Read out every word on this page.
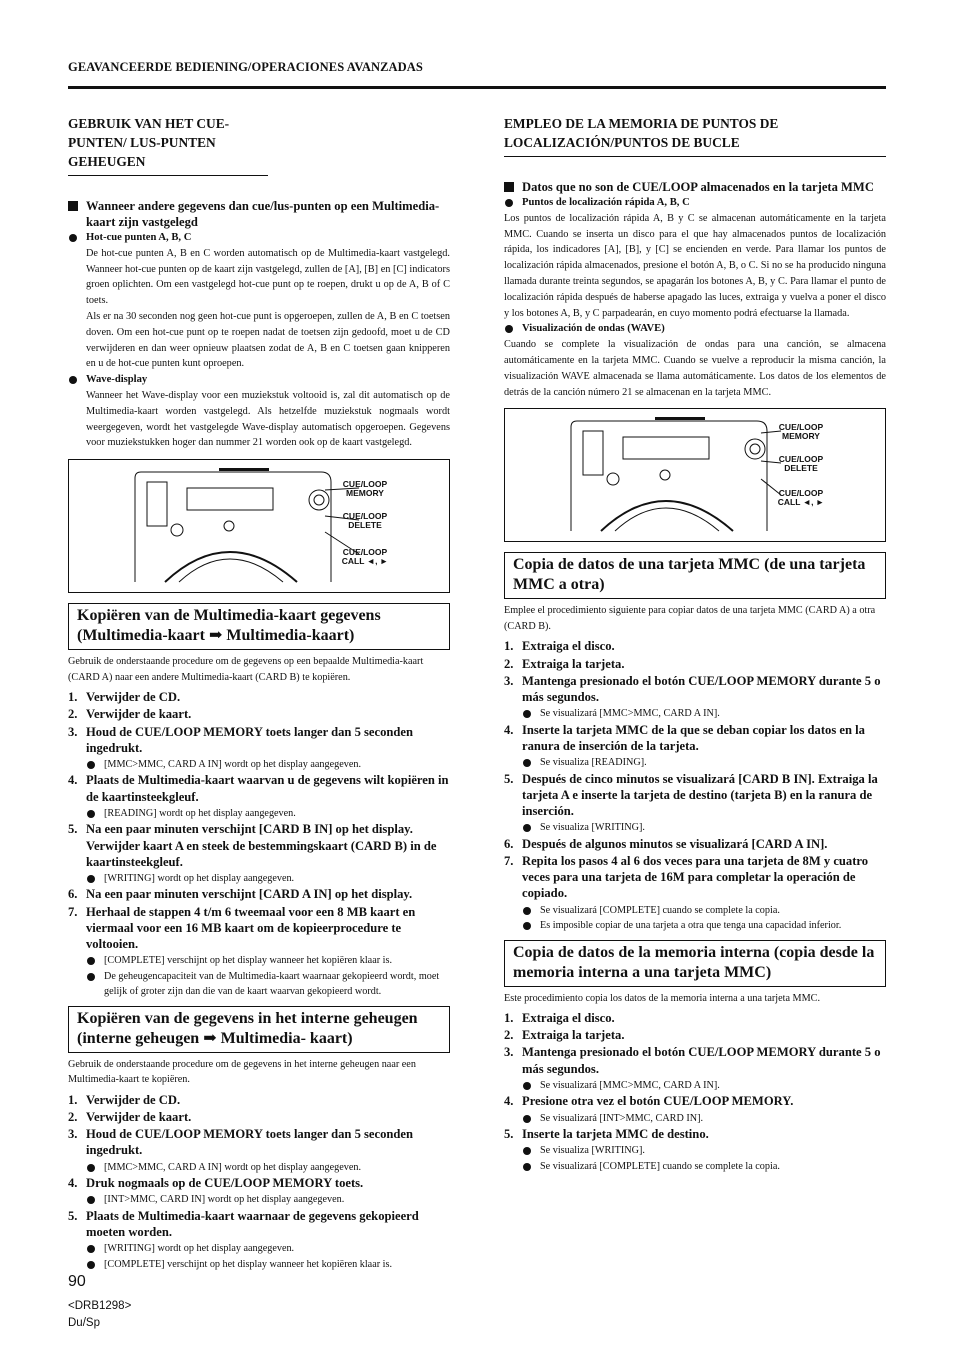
GEAVANCEERDE BEDIENING/OPERACIONES AVANZADAS
GEBRUIK VAN HET CUE-PUNTEN/ LUS-PUNTEN GEHEUGEN
Wanneer andere gegevens dan cue/lus-punten op een Multimedia-kaart zijn vastgelegd
Hot-cue punten A, B, C
De hot-cue punten A, B en C worden automatisch op de Multimedia-kaart vastgelegd. Wanneer hot-cue punten op de kaart zijn vastgelegd, zullen de [A], [B] en [C] indicators groen oplichten. Om een vastgelegd hot-cue punt op te roepen, drukt u op de A, B of C toets.
Als er na 30 seconden nog geen hot-cue punt is opgeroepen, zullen de A, B en C toetsen doven. Om een hot-cue punt op te roepen nadat de toetsen zijn gedoofd, moet u de CD verwijderen en dan weer opnieuw plaatsen zodat de A, B en C toetsen gaan knipperen en u de hot-cue punten kunt oproepen.
Wave-display
Wanneer het Wave-display voor een muziekstuk voltooid is, zal dit automatisch op de Multimedia-kaart worden vastgelegd. Als hetzelfde muziekstuk nogmaals wordt weergegeven, wordt het vastgelegde Wave-display automatisch opgeroepen. Gegevens voor muziekstukken hoger dan nummer 21 worden ook op de kaart vastgelegd.
CUE/LOOP MEMORY
CUE/LOOP DELETE
CUE/LOOP CALL ◄, ►
Kopiëren van de Multimedia-kaart gegevens (Multimedia-kaart ➡ Multimedia-kaart)
Gebruik de onderstaande procedure om de gegevens op een bepaalde Multimedia-kaart (CARD A) naar een andere Multimedia-kaart (CARD B) te kopiëren.
1. Verwijder de CD.
2. Verwijder de kaart.
3. Houd de CUE/LOOP MEMORY toets langer dan 5 seconden ingedrukt.
[MMC>MMC, CARD A IN] wordt op het display aangegeven.
4. Plaats de Multimedia-kaart waarvan u de gegevens wilt kopiëren in de kaartinsteekgleuf.
[READING] wordt op het display aangegeven.
5. Na een paar minuten verschijnt [CARD B IN] op het display. Verwijder kaart A en steek de bestemmingskaart (CARD B) in de kaartinsteekgleuf.
[WRITING] wordt op het display aangegeven.
6. Na een paar minuten verschijnt [CARD A IN] op het display.
7. Herhaal de stappen 4 t/m 6 tweemaal voor een 8 MB kaart en viermaal voor een 16 MB kaart om de kopieerprocedure te voltooien.
[COMPLETE] verschijnt op het display wanneer het kopiëren klaar is.
De geheugencapaciteit van de Multimedia-kaart waarnaar gekopieerd wordt, moet gelijk of groter zijn dan die van de kaart waarvan gekopieerd wordt.
Kopiëren van de gegevens in het interne geheugen (interne geheugen ➡ Multimedia- kaart)
Gebruik de onderstaande procedure om de gegevens in het interne geheugen naar een Multimedia-kaart te kopiëren.
1. Verwijder de CD.
2. Verwijder de kaart.
3. Houd de CUE/LOOP MEMORY toets langer dan 5 seconden ingedrukt.
[MMC>MMC, CARD A IN] wordt op het display aangegeven.
4. Druk nogmaals op de CUE/LOOP MEMORY toets.
[INT>MMC, CARD IN] wordt op het display aangegeven.
5. Plaats de Multimedia-kaart waarnaar de gegevens gekopieerd moeten worden.
[WRITING] wordt op het display aangegeven.
[COMPLETE] verschijnt op het display wanneer het kopiëren klaar is.
EMPLEO DE LA MEMORIA DE PUNTOS DE LOCALIZACIÓN/PUNTOS DE BUCLE
Datos que no son de CUE/LOOP almacenados en la tarjeta MMC
Puntos de localización rápida A, B, C
Los puntos de localización rápida A, B y C se almacenan automáticamente en la tarjeta MMC. Cuando se inserta un disco para el que hay almacenados puntos de localización rápida, los indicadores [A], [B], y [C] se encienden en verde. Para llamar los puntos de localización rápida almacenados, presione el botón A, B, o C. Si no se ha producido ninguna llamada durante treinta segundos, se apagarán los botones A, B, y C. Para llamar el punto de localización rápida después de haberse apagado las luces, extraiga y vuelva a poner el disco y los botones A, B, y C parpadearán, en cuyo momento podrá efectuarse la llamada.
Visualización de ondas (WAVE)
Cuando se complete la visualización de ondas para una canción, se almacena automáticamente en la tarjeta MMC. Cuando se vuelve a reproducir la misma canción, la visualización WAVE almacenada se llama automáticamente. Los datos de los elementos de detrás de la canción número 21 se almacenan en la tarjeta MMC.
CUE/LOOP MEMORY
CUE/LOOP DELETE
CUE/LOOP CALL ◄, ►
Copia de datos de una tarjeta MMC (de una tarjeta MMC a otra)
Emplee el procedimiento siguiente para copiar datos de una tarjeta MMC (CARD A) a otra (CARD B).
1. Extraiga el disco.
2. Extraiga la tarjeta.
3. Mantenga presionado el botón CUE/LOOP MEMORY durante 5 o más segundos.
Se visualizará [MMC>MMC, CARD A IN].
4. Inserte la tarjeta MMC de la que se deban copiar los datos en la ranura de inserción de la tarjeta.
Se visualiza [READING].
5. Después de cinco minutos se visualizará [CARD B IN]. Extraiga la tarjeta A e inserte la tarjeta de destino (tarjeta B) en la ranura de inserción.
Se visualiza [WRITING].
6. Después de algunos minutos se visualizará [CARD A IN].
7. Repita los pasos 4 al 6 dos veces para una tarjeta de 8M y cuatro veces para una tarjeta de 16M para completar la operación de copiado.
Se visualizará [COMPLETE] cuando se complete la copia.
Es imposible copiar de una tarjeta a otra que tenga una capacidad inferior.
Copia de datos de la memoria interna (copia desde la memoria interna a una tarjeta MMC)
Este procedimiento copia los datos de la memoria interna a una tarjeta MMC.
1. Extraiga el disco.
2. Extraiga la tarjeta.
3. Mantenga presionado el botón CUE/LOOP MEMORY durante 5 o más segundos.
Se visualizará [MMC>MMC, CARD A IN].
4. Presione otra vez el botón CUE/LOOP MEMORY.
Se visualizará [INT>MMC, CARD IN].
5. Inserte la tarjeta MMC de destino.
Se visualiza [WRITING].
Se visualizará [COMPLETE] cuando se complete la copia.
90
<DRB1298>
Du/Sp
